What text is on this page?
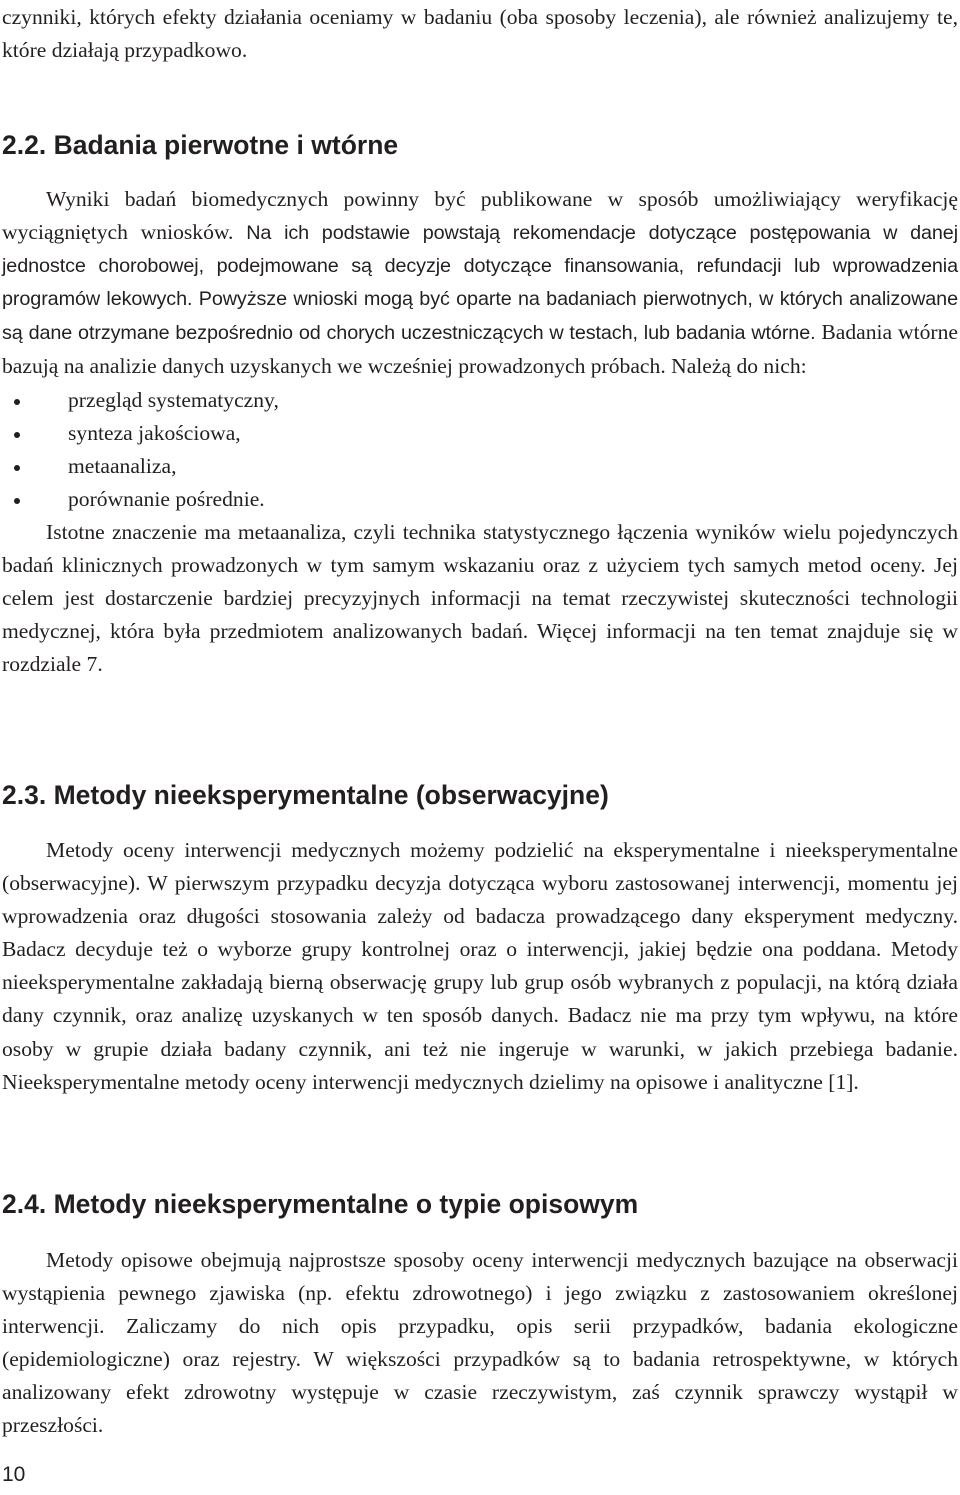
czynniki, których efekty działania oceniamy w badaniu (oba sposoby leczenia), ale również analizujemy te, które działają przypadkowo.

2.2. Badania pierwotne i wtórne

Wyniki badań biomedycznych powinny być publikowane w sposób umożliwiający weryfikację wyciągniętych wniosków. Na ich podstawie powstają rekomendacje dotyczące postępowania w danej jednostce chorobowej, podejmowane są decyzje dotyczące finansowania, refundacji lub wprowadzenia programów lekowych. Powyższe wnioski mogą być oparte na badaniach pierwotnych, w których analizowane są dane otrzymane bezpośrednio od chorych uczestniczących w testach, lub badania wtórne. Badania wtórne bazują na analizie danych uzyskanych we wcześniej prowadzonych próbach. Należą do nich:

przegląd systematyczny,
synteza jakościowa,
metaanaliza,
porównanie pośrednie.

Istotne znaczenie ma metaanaliza, czyli technika statystycznego łączenia wyników wielu pojedynczych badań klinicznych prowadzonych w tym samym wskazaniu oraz z użyciem tych samych metod oceny. Jej celem jest dostarczenie bardziej precyzyjnych informacji na temat rzeczywistej skuteczności technologii medycznej, która była przedmiotem analizowanych badań. Więcej informacji na ten temat znajduje się w rozdziale 7.

2.3. Metody nieeksperymentalne (obserwacyjne)

Metody oceny interwencji medycznych możemy podzielić na eksperymentalne i nieeksperymentalne (obserwacyjne). W pierwszym przypadku decyzja dotycząca wyboru zastosowanej interwencji, momentu jej wprowadzenia oraz długości stosowania zależy od badacza prowadzącego dany eksperyment medyczny. Badacz decyduje też o wyborze grupy kontrolnej oraz o interwencji, jakiej będzie ona poddana. Metody nieeksperymentalne zakładają bierną obserwację grupy lub grup osób wybranych z populacji, na którą działa dany czynnik, oraz analizę uzyskanych w ten sposób danych. Badacz nie ma przy tym wpływu, na które osoby w grupie działa badany czynnik, ani też nie ingeruje w warunki, w jakich przebiega badanie. Nieeksperymentalne metody oceny interwencji medycznych dzielimy na opisowe i analityczne [1].

2.4. Metody nieeksperymentalne o typie opisowym

Metody opisowe obejmują najprostsze sposoby oceny interwencji medycznych bazujące na obserwacji wystąpienia pewnego zjawiska (np. efektu zdrowotnego) i jego związku z zastosowaniem określonej interwencji. Zaliczamy do nich opis przypadku, opis serii przypadków, badania ekologiczne (epidemiologiczne) oraz rejestry. W większości przypadków są to badania retrospektywne, w których analizowany efekt zdrowotny występuje w czasie rzeczywistym, zaś czynnik sprawczy wystąpił w przeszłości.

10
